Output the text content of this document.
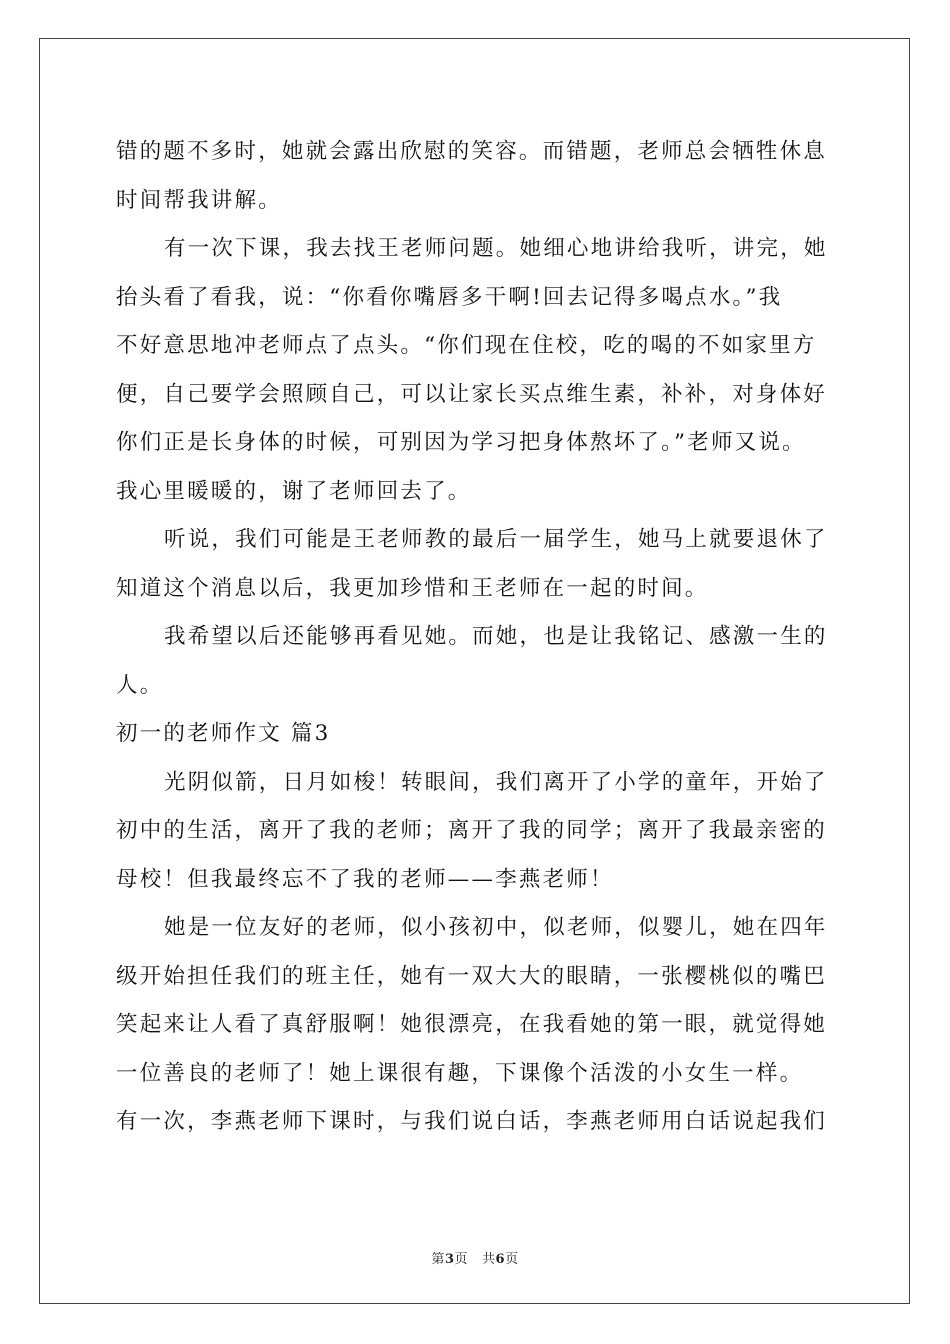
错的题不多时，她就会露出欣慰的笑容。而错题，老师总会牺牲休息
时间帮我讲解。
有一次下课，我去找王老师问题。她细心地讲给我听，讲完，她
抬头看了看我，说：“你看你嘴唇多干啊!回去记得多喝点水。”我
不好意思地冲老师点了点头。“你们现在住校，吃的喝的不如家里方
便，自己要学会照顾自己，可以让家长买点维生素，补补，对身体好
你们正是长身体的时候，可别因为学习把身体熬坏了。”老师又说。
我心里暖暖的，谢了老师回去了。
听说，我们可能是王老师教的最后一届学生，她马上就要退休了
知道这个消息以后，我更加珍惜和王老师在一起的时间。
我希望以后还能够再看见她。而她，也是让我铭记、感激一生的
人。
初一的老师作文 篇3
光阴似箭，日月如梭！转眼间，我们离开了小学的童年，开始了
初中的生活，离开了我的老师；离开了我的同学；离开了我最亲密的
母校！但我最终忘不了我的老师——李燕老师！
她是一位友好的老师，似小孩初中，似老师，似婴儿，她在四年
级开始担任我们的班主任，她有一双大大的眼睛，一张樱桃似的嘴巴
笑起来让人看了真舒服啊！她很漂亮，在我看她的第一眼，就觉得她
一位善良的老师了！她上课很有趣，下课像个活泼的小女生一样。
有一次，李燕老师下课时，与我们说白话，李燕老师用白话说起我们
第3页 共6页
